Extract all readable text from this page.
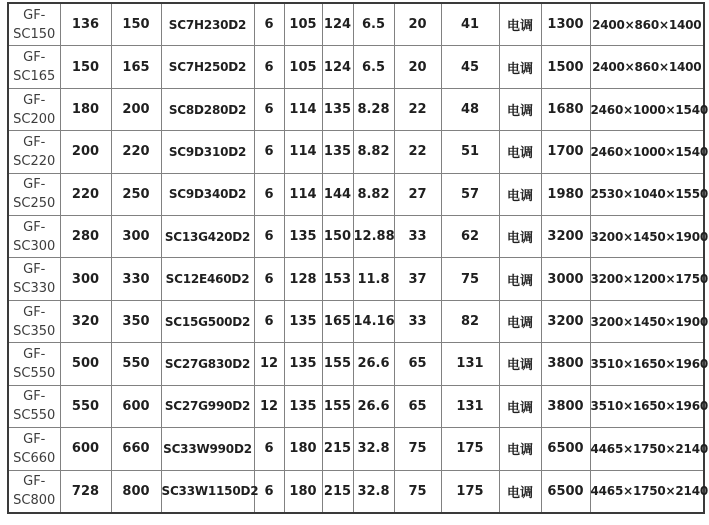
GF-
SC150	136	150	SC7H230D2	6	105	124	6.5	20	41	电调	1300	2400×860×1400

GF-
SC165	150	165	SC7H250D2	6	105	124	6.5	20	45	电调	1500	2400×860×1400

GF-
SC200	180	200	SC8D280D2	6	114	135	8.28	22	48	电调	1680	2460×1000×1540

GF-
SC220	200	220	SC9D310D2	6	114	135	8.82	22	51	电调	1700	2460×1000×1540

GF-
SC250	220	250	SC9D340D2	6	114	144	8.82	27	57	电调	1980	2530×1040×1550

GF-
SC300	280	300	SC13G420D2	6	135	150	12.88	33	62	电调	3200	3200×1450×1900

GF-
SC330	300	330	SC12E460D2	6	128	153	11.8	37	75	电调	3000	3200×1200×1750

GF-
SC350	320	350	SC15G500D2	6	135	165	14.16	33	82	电调	3200	3200×1450×1900

GF-
SC550	500	550	SC27G830D2	12	135	155	26.6	65	131	电调	3800	3510×1650×1960

GF-
SC550	550	600	SC27G990D2	12	135	155	26.6	65	131	电调	3800	3510×1650×1960

GF-
SC660	600	660	SC33W990D2	6	180	215	32.8	75	175	电调	6500	4465×1750×2140

GF-
SC800	728	800	SC33W1150D2	6	180	215	32.8	75	175	电调	6500	4465×1750×2140
